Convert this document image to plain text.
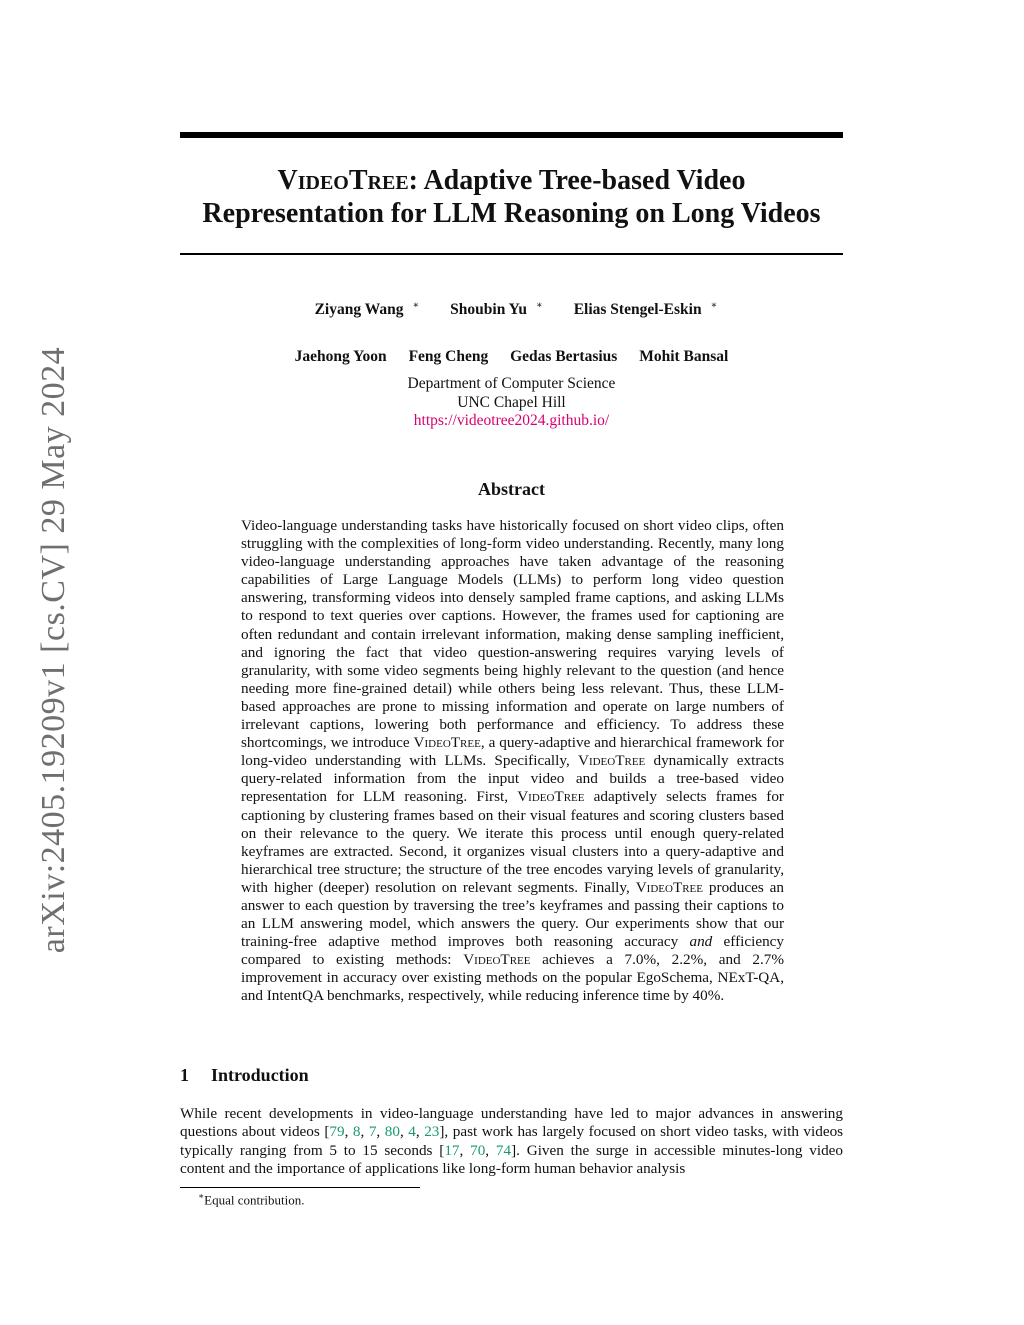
arXiv:2405.19209v1 [cs.CV] 29 May 2024
VideoTree: Adaptive Tree-based Video
Representation for LLM Reasoning on Long Videos
Ziyang Wang ∗ Shoubin Yu ∗ Elias Stengel-Eskin ∗
Jaehong Yoon Feng Cheng Gedas Bertasius Mohit Bansal
Department of Computer Science
UNC Chapel Hill
https://videotree2024.github.io/
Abstract
Video-language understanding tasks have historically focused on short video clips, often struggling with the complexities of long-form video understanding. Recently, many long video-language understanding approaches have taken advantage of the reasoning capabilities of Large Language Models (LLMs) to perform long video question answering, transforming videos into densely sampled frame captions, and asking LLMs to respond to text queries over captions. However, the frames used for captioning are often redundant and contain irrelevant information, making dense sampling inefficient, and ignoring the fact that video question-answering requires varying levels of granularity, with some video segments being highly relevant to the question (and hence needing more fine-grained detail) while others being less relevant. Thus, these LLM-based approaches are prone to missing information and operate on large numbers of irrelevant captions, lowering both performance and efficiency. To address these shortcomings, we introduce VideoTree, a query-adaptive and hierarchical framework for long-video understanding with LLMs. Specifically, VideoTree dynamically extracts query-related information from the input video and builds a tree-based video representation for LLM reasoning. First, VideoTree adaptively selects frames for captioning by clustering frames based on their visual features and scoring clusters based on their relevance to the query. We iterate this process until enough query-related keyframes are extracted. Second, it organizes visual clusters into a query-adaptive and hierarchical tree structure; the structure of the tree encodes varying levels of granularity, with higher (deeper) resolution on relevant segments. Finally, VideoTree produces an answer to each question by traversing the tree’s keyframes and passing their captions to an LLM answering model, which answers the query. Our experiments show that our training-free adaptive method improves both reasoning accuracy and efficiency compared to existing methods: VideoTree achieves a 7.0%, 2.2%, and 2.7% improvement in accuracy over existing methods on the popular EgoSchema, NExT-QA, and IntentQA benchmarks, respectively, while reducing inference time by 40%.
1 Introduction
While recent developments in video-language understanding have led to major advances in answering questions about videos [79, 8, 7, 80, 4, 23], past work has largely focused on short video tasks, with videos typically ranging from 5 to 15 seconds [17, 70, 74]. Given the surge in accessible minutes-long video content and the importance of applications like long-form human behavior analysis
∗Equal contribution.
